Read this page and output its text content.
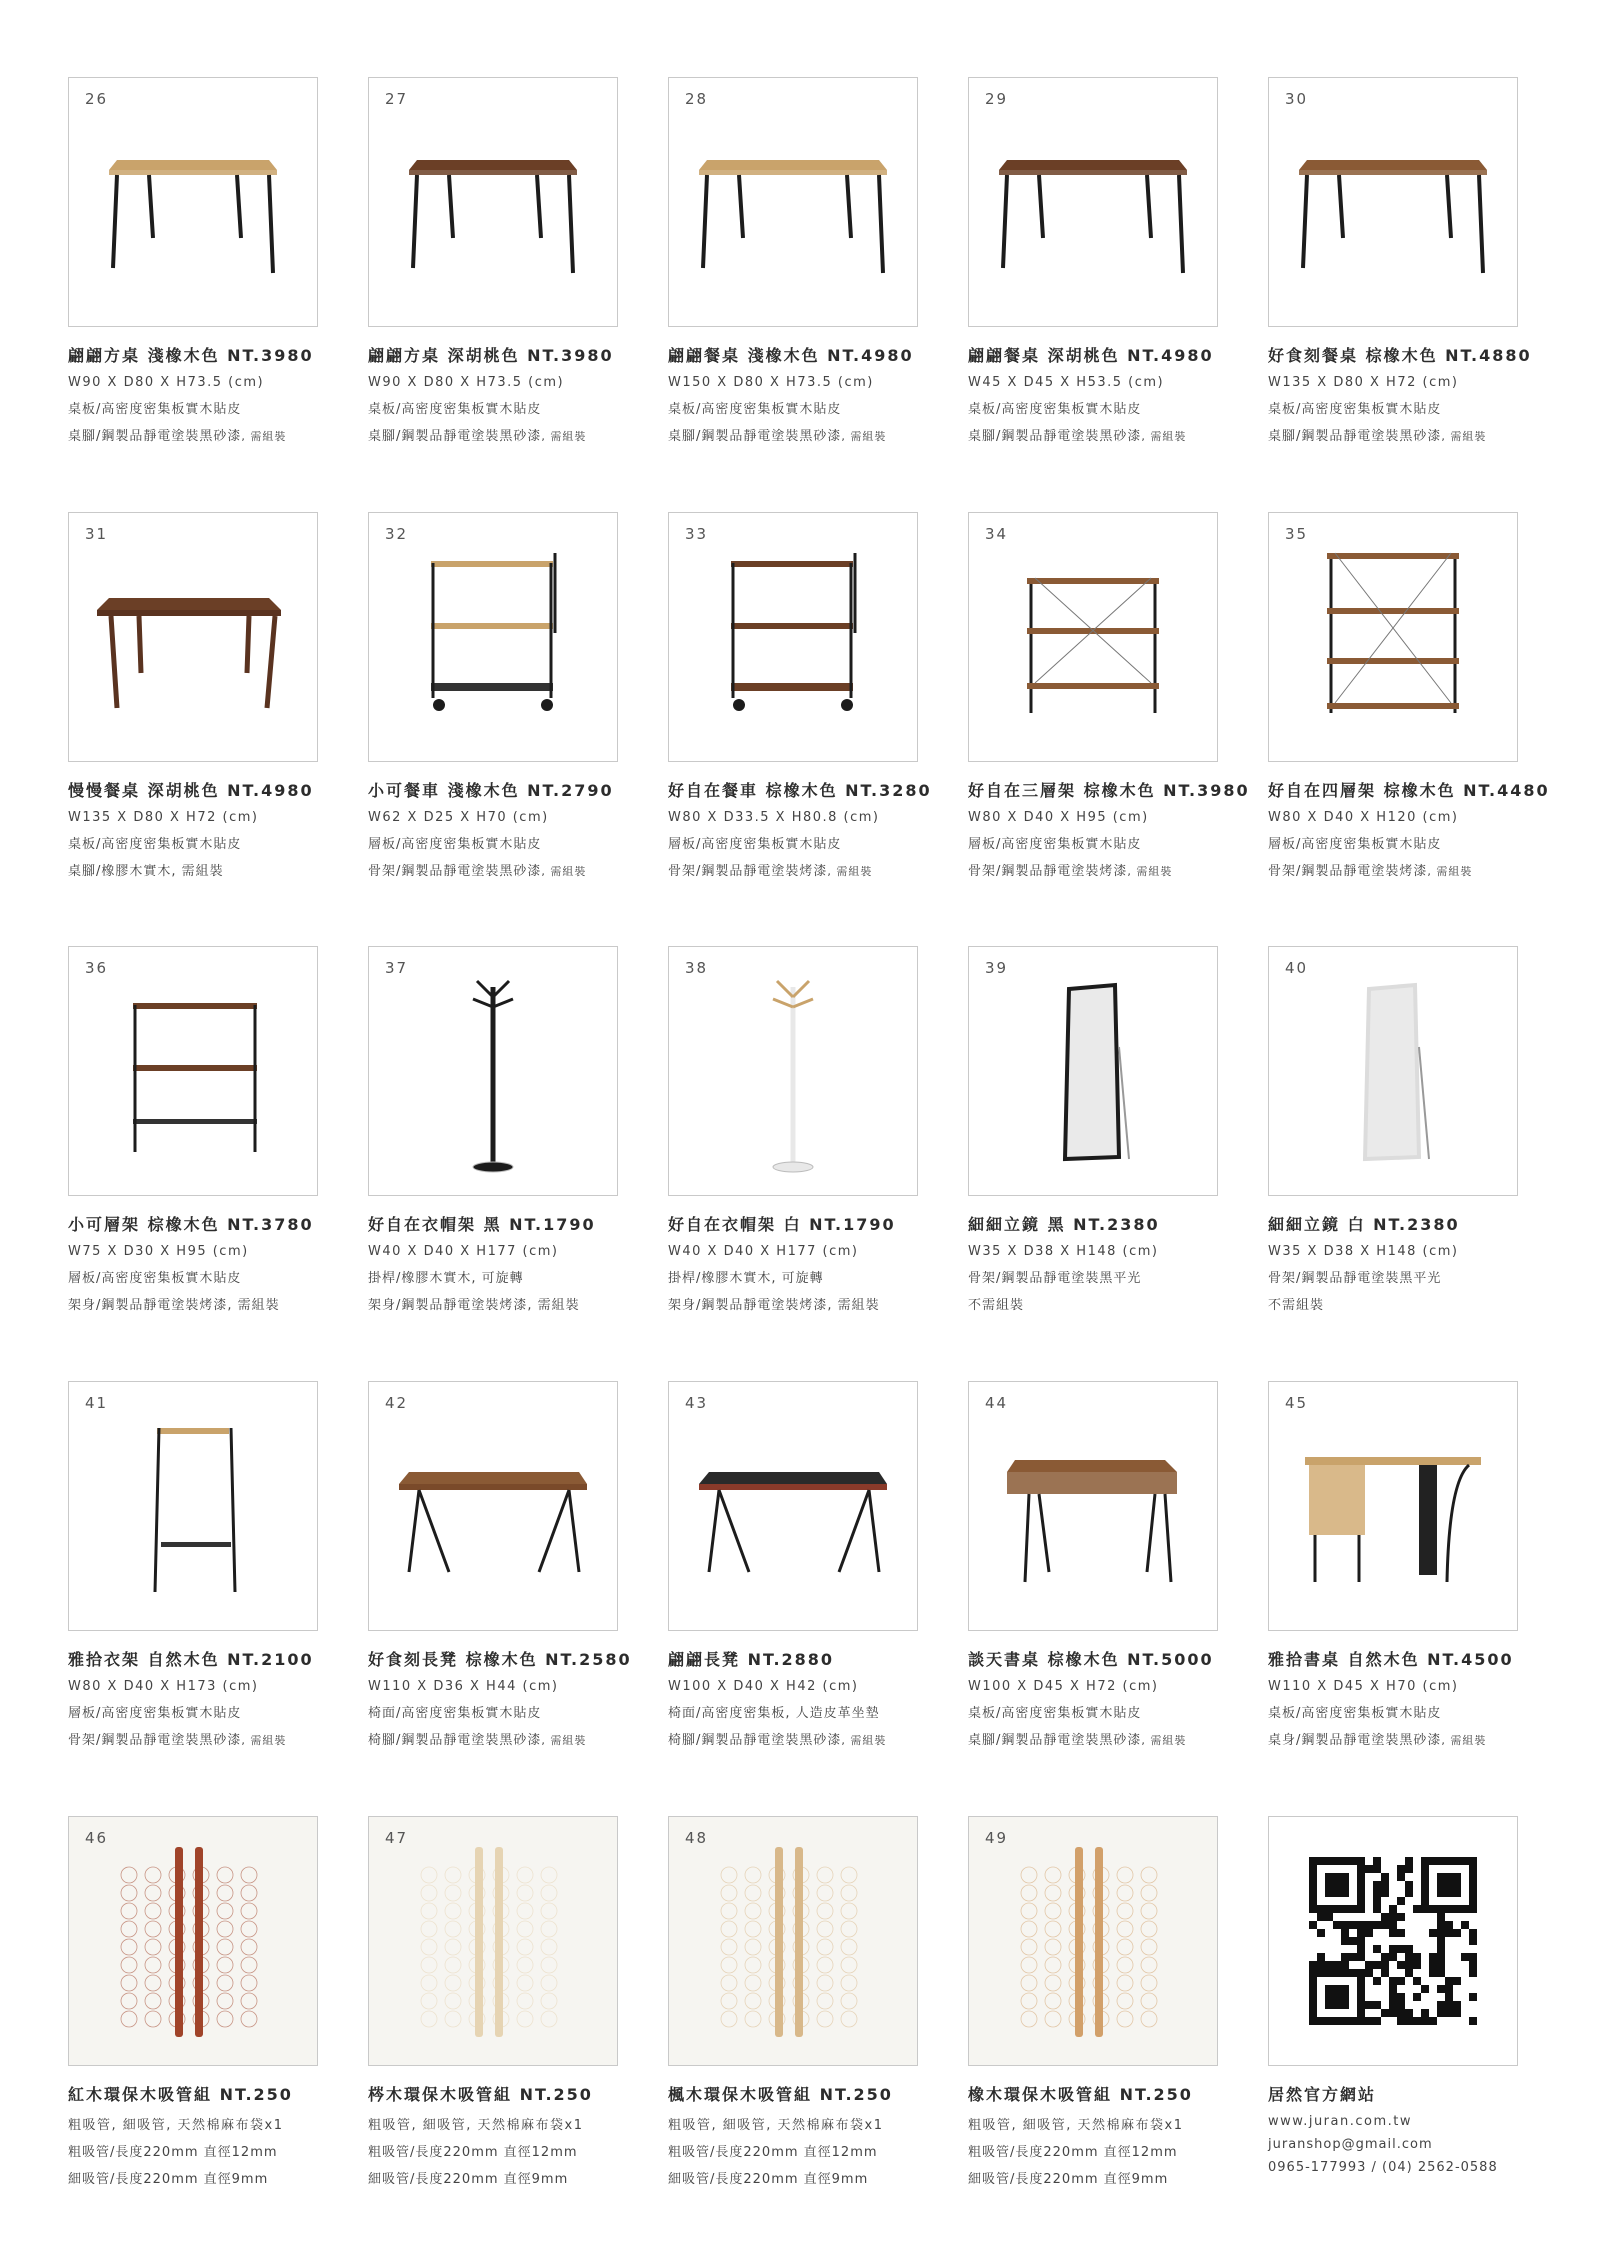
26
翩翩方桌 淺橡木色 NT.3980
W90 X D80 X H73.5 (cm)
桌板/高密度密集板實木貼皮
桌腳/鋼製品靜電塗裝黑砂漆, 需組裝
27
翩翩方桌 深胡桃色 NT.3980
W90 X D80 X H73.5 (cm)
桌板/高密度密集板實木貼皮
桌腳/鋼製品靜電塗裝黑砂漆, 需組裝
28
翩翩餐桌 淺橡木色 NT.4980
W150 X D80 X H73.5 (cm)
桌板/高密度密集板實木貼皮
桌腳/鋼製品靜電塗裝黑砂漆, 需組裝
29
翩翩餐桌 深胡桃色 NT.4980
W45 X D45 X H53.5 (cm)
桌板/高密度密集板實木貼皮
桌腳/鋼製品靜電塗裝黑砂漆, 需組裝
30
好食刻餐桌 棕橡木色 NT.4880
W135 X D80 X H72 (cm)
桌板/高密度密集板實木貼皮
桌腳/鋼製品靜電塗裝黑砂漆, 需組裝
31
慢慢餐桌 深胡桃色 NT.4980
W135 X D80 X H72 (cm)
桌板/高密度密集板實木貼皮
桌腳/橡膠木實木, 需組裝
32
小可餐車 淺橡木色 NT.2790
W62 X D25 X H70 (cm)
層板/高密度密集板實木貼皮
骨架/鋼製品靜電塗裝黑砂漆, 需組裝
33
好自在餐車 棕橡木色 NT.3280
W80 X D33.5 X H80.8 (cm)
層板/高密度密集板實木貼皮
骨架/鋼製品靜電塗裝烤漆, 需組裝
34
好自在三層架 棕橡木色 NT.3980
W80 X D40 X H95 (cm)
層板/高密度密集板實木貼皮
骨架/鋼製品靜電塗裝烤漆, 需組裝
35
好自在四層架 棕橡木色 NT.4480
W80 X D40 X H120 (cm)
層板/高密度密集板實木貼皮
骨架/鋼製品靜電塗裝烤漆, 需組裝
36
小可層架 棕橡木色 NT.3780
W75 X D30 X H95 (cm)
層板/高密度密集板實木貼皮
架身/鋼製品靜電塗裝烤漆, 需組裝
37
好自在衣帽架 黑 NT.1790
W40 X D40 X H177 (cm)
掛桿/橡膠木實木, 可旋轉
架身/鋼製品靜電塗裝烤漆, 需組裝
38
好自在衣帽架 白 NT.1790
W40 X D40 X H177 (cm)
掛桿/橡膠木實木, 可旋轉
架身/鋼製品靜電塗裝烤漆, 需組裝
39
細細立鏡 黑 NT.2380
W35 X D38 X H148 (cm)
骨架/鋼製品靜電塗裝黑平光
不需組裝
40
細細立鏡 白 NT.2380
W35 X D38 X H148 (cm)
骨架/鋼製品靜電塗裝黑平光
不需組裝
41
雅拾衣架 自然木色 NT.2100
W80 X D40 X H173 (cm)
層板/高密度密集板實木貼皮
骨架/鋼製品靜電塗裝黑砂漆, 需組裝
42
好食刻長凳 棕橡木色 NT.2580
W110 X D36 X H44 (cm)
椅面/高密度密集板實木貼皮
椅腳/鋼製品靜電塗裝黑砂漆, 需組裝
43
翩翩長凳 NT.2880
W100 X D40 X H42 (cm)
椅面/高密度密集板, 人造皮革坐墊
椅腳/鋼製品靜電塗裝黑砂漆, 需組裝
44
談天書桌 棕橡木色 NT.5000
W100 X D45 X H72 (cm)
桌板/高密度密集板實木貼皮
桌腳/鋼製品靜電塗裝黑砂漆, 需組裝
45
雅拾書桌 自然木色 NT.4500
W110 X D45 X H70 (cm)
桌板/高密度密集板實木貼皮
桌身/鋼製品靜電塗裝黑砂漆, 需組裝
46
紅木環保木吸管組 NT.250
粗吸管, 細吸管, 天然棉麻布袋x1
粗吸管/長度220mm 直徑12mm
細吸管/長度220mm 直徑9mm
47
梣木環保木吸管組 NT.250
粗吸管, 細吸管, 天然棉麻布袋x1
粗吸管/長度220mm 直徑12mm
細吸管/長度220mm 直徑9mm
48
楓木環保木吸管組 NT.250
粗吸管, 細吸管, 天然棉麻布袋x1
粗吸管/長度220mm 直徑12mm
細吸管/長度220mm 直徑9mm
49
橡木環保木吸管組 NT.250
粗吸管, 細吸管, 天然棉麻布袋x1
粗吸管/長度220mm 直徑12mm
細吸管/長度220mm 直徑9mm
居然官方網站
www.juran.com.tw
juranshop@gmail.com
0965-177993 / (04) 2562-0588
